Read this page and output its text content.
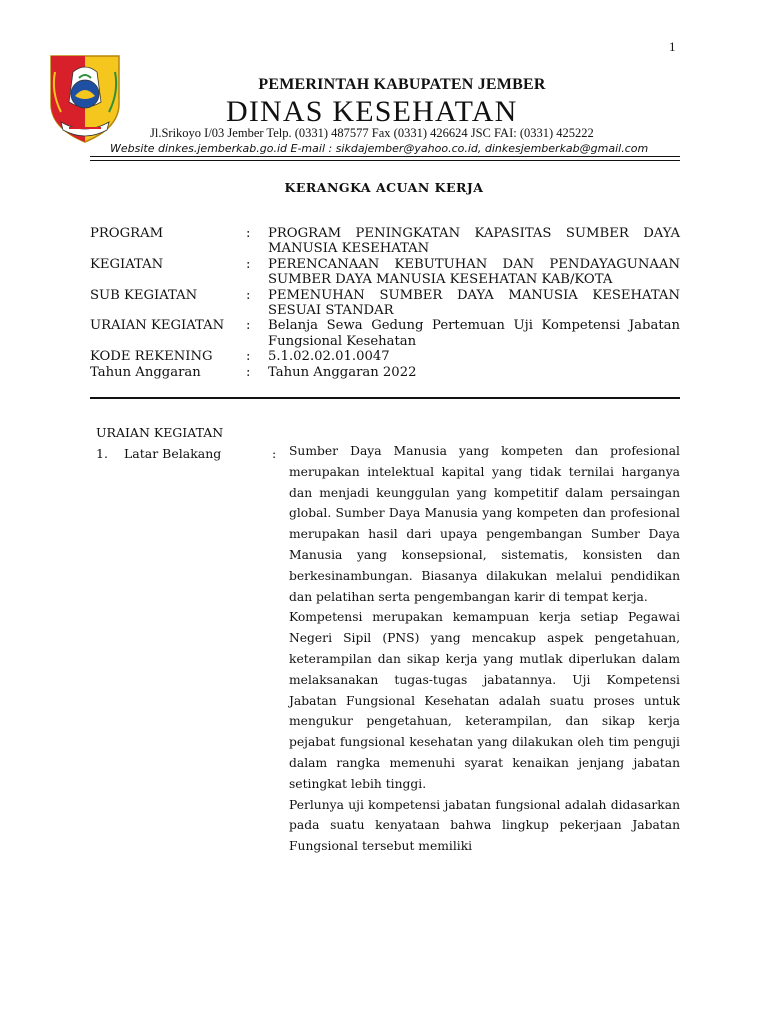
1
PEMERINTAH KABUPATEN JEMBER
DINAS KESEHATAN
Jl.Srikoyo I/03 Jember Telp. (0331) 487577 Fax (0331) 426624 JSC FAI: (0331) 425222
Website dinkes.jemberkab.go.id E-mail : sikdajember@yahoo.co.id, dinkesjemberkab@gmail.com
KERANGKA ACUAN KERJA
PROGRAM	:	PROGRAM PENINGKATAN KAPASITAS SUMBER DAYA MANUSIA KESEHATAN
KEGIATAN	:	PERENCANAAN KEBUTUHAN DAN PENDAYAGUNAAN SUMBER DAYA MANUSIA KESEHATAN KAB/KOTA
SUB KEGIATAN	:	PEMENUHAN SUMBER DAYA MANUSIA KESEHATAN SESUAI STANDAR
URAIAN KEGIATAN	:	Belanja Sewa Gedung Pertemuan Uji Kompetensi Jabatan Fungsional Kesehatan
KODE REKENING	:	5.1.02.02.01.0047
Tahun Anggaran	:	Tahun Anggaran 2022
URAIAN KEGIATAN
1. Latar Belakang	: Sumber Daya Manusia yang kompeten dan profesional merupakan intelektual kapital yang tidak ternilai harganya dan menjadi keunggulan yang kompetitif dalam persaingan global. Sumber Daya Manusia yang kompeten dan profesional merupakan hasil dari upaya pengembangan Sumber Daya Manusia yang konsepsional, sistematis, konsisten dan berkesinambungan. Biasanya dilakukan melalui pendidikan dan pelatihan serta pengembangan karir di tempat kerja.

Kompetensi merupakan kemampuan kerja setiap Pegawai Negeri Sipil (PNS) yang mencakup aspek pengetahuan, keterampilan dan sikap kerja yang mutlak diperlukan dalam melaksanakan tugas-tugas jabatannya. Uji Kompetensi Jabatan Fungsional Kesehatan adalah suatu proses untuk mengukur pengetahuan, keterampilan, dan sikap kerja pejabat fungsional kesehatan yang dilakukan oleh tim penguji dalam rangka memenuhi syarat kenaikan jenjang jabatan setingkat lebih tinggi.

Perlunya uji kompetensi jabatan fungsional adalah didasarkan pada suatu kenyataan bahwa lingkup pekerjaan Jabatan Fungsional tersebut memiliki
